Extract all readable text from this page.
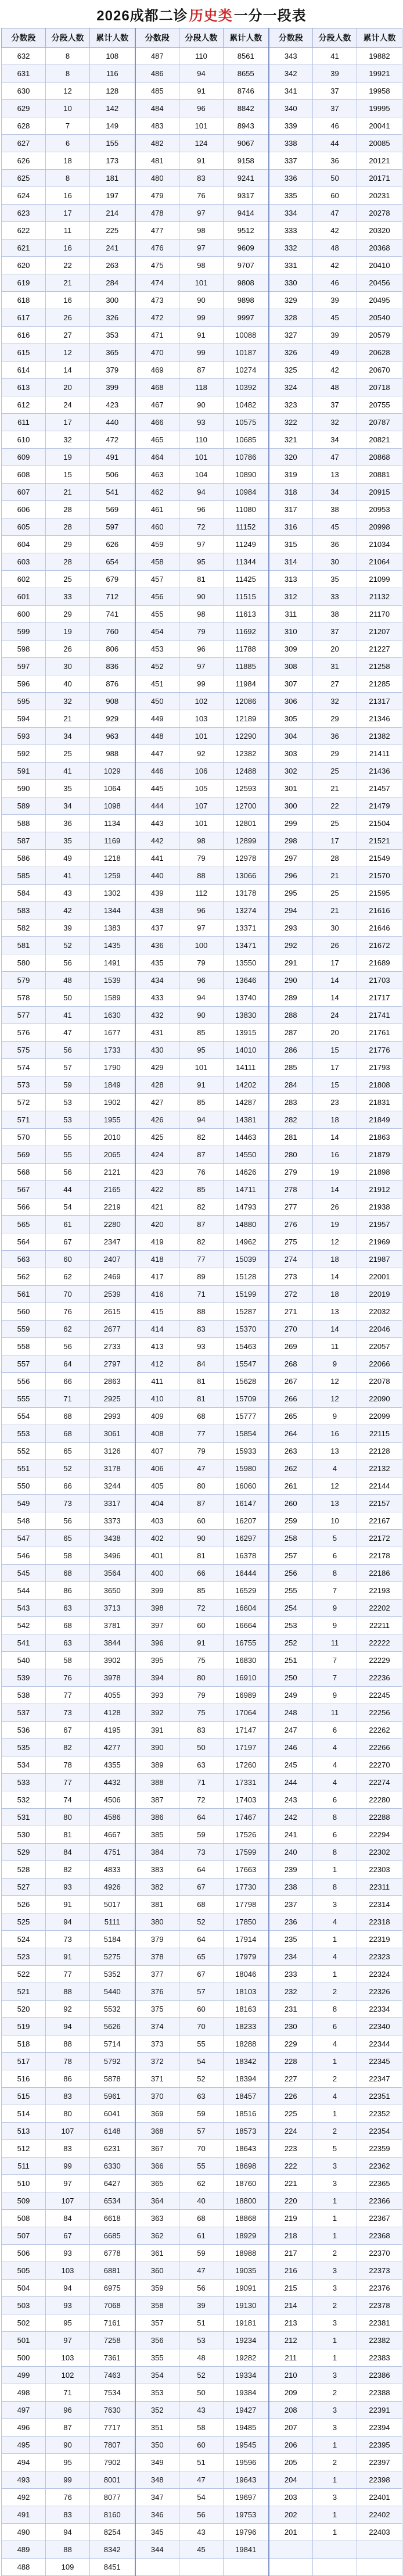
2026成都二诊 历史类 一分一段表
分数段	分段人数	累计人数	分数段	分段人数	累计人数	分数段	分段人数	累计人数
632	8	108	487	110	8561	343	41	19882
631	8	116	486	94	8655	342	39	19921
630	12	128	485	91	8746	341	37	19958
629	10	142	484	96	8842	340	37	19995
628	7	149	483	101	8943	339	46	20041
627	6	155	482	124	9067	338	44	20085
626	18	173	481	91	9158	337	36	20121
625	8	181	480	83	9241	336	50	20171
624	16	197	479	76	9317	335	60	20231
623	17	214	478	97	9414	334	47	20278
622	11	225	477	98	9512	333	42	20320
621	16	241	476	97	9609	332	48	20368
620	22	263	475	98	9707	331	42	20410
619	21	284	474	101	9808	330	46	20456
618	16	300	473	90	9898	329	39	20495
617	26	326	472	99	9997	328	45	20540
616	27	353	471	91	10088	327	39	20579
615	12	365	470	99	10187	326	49	20628
614	14	379	469	87	10274	325	42	20670
613	20	399	468	118	10392	324	48	20718
612	24	423	467	90	10482	323	37	20755
611	17	440	466	93	10575	322	32	20787
610	32	472	465	110	10685	321	34	20821
609	19	491	464	101	10786	320	47	20868
608	15	506	463	104	10890	319	13	20881
607	21	541	462	94	10984	318	34	20915
606	28	569	461	96	11080	317	38	20953
605	28	597	460	72	11152	316	45	20998
604	29	626	459	97	11249	315	36	21034
603	28	654	458	95	11344	314	30	21064
602	25	679	457	81	11425	313	35	21099
601	33	712	456	90	11515	312	33	21132
600	29	741	455	98	11613	311	38	21170
599	19	760	454	79	11692	310	37	21207
598	26	806	453	96	11788	309	20	21227
597	30	836	452	97	11885	308	31	21258
596	40	876	451	99	11984	307	27	21285
595	32	908	450	102	12086	306	32	21317
594	21	929	449	103	12189	305	29	21346
593	34	963	448	101	12290	304	36	21382
592	25	988	447	92	12382	303	29	21411
591	41	1029	446	106	12488	302	25	21436
590	35	1064	445	105	12593	301	21	21457
589	34	1098	444	107	12700	300	22	21479
588	36	1134	443	101	12801	299	25	21504
587	35	1169	442	98	12899	298	17	21521
586	49	1218	441	79	12978	297	28	21549
585	41	1259	440	88	13066	296	21	21570
584	43	1302	439	112	13178	295	25	21595
583	42	1344	438	96	13274	294	21	21616
582	39	1383	437	97	13371	293	30	21646
581	52	1435	436	100	13471	292	26	21672
580	56	1491	435	79	13550	291	17	21689
579	48	1539	434	96	13646	290	14	21703
578	50	1589	433	94	13740	289	14	21717
577	41	1630	432	90	13830	288	24	21741
576	47	1677	431	85	13915	287	20	21761
575	56	1733	430	95	14010	286	15	21776
574	57	1790	429	101	14111	285	17	21793
573	59	1849	428	91	14202	284	15	21808
572	53	1902	427	85	14287	283	23	21831
571	53	1955	426	94	14381	282	18	21849
570	55	2010	425	82	14463	281	14	21863
569	55	2065	424	87	14550	280	16	21879
568	56	2121	423	76	14626	279	19	21898
567	44	2165	422	85	14711	278	14	21912
566	54	2219	421	82	14793	277	26	21938
565	61	2280	420	87	14880	276	19	21957
564	67	2347	419	82	14962	275	12	21969
563	60	2407	418	77	15039	274	18	21987
562	62	2469	417	89	15128	273	14	22001
561	70	2539	416	71	15199	272	18	22019
560	76	2615	415	88	15287	271	13	22032
559	62	2677	414	83	15370	270	14	22046
558	56	2733	413	93	15463	269	11	22057
557	64	2797	412	84	15547	268	9	22066
556	66	2863	411	81	15628	267	12	22078
555	71	2925	410	81	15709	266	12	22090
554	68	2993	409	68	15777	265	9	22099
553	68	3061	408	77	15854	264	16	22115
552	65	3126	407	79	15933	263	13	22128
551	52	3178	406	47	15980	262	4	22132
550	66	3244	405	80	16060	261	12	22144
549	73	3317	404	87	16147	260	13	22157
548	56	3373	403	60	16207	259	10	22167
547	65	3438	402	90	16297	258	5	22172
546	58	3496	401	81	16378	257	6	22178
545	68	3564	400	66	16444	256	8	22186
544	86	3650	399	85	16529	255	7	22193
543	63	3713	398	72	16604	254	9	22202
542	68	3781	397	60	16664	253	9	22211
541	63	3844	396	91	16755	252	11	22222
540	58	3902	395	75	16830	251	7	22229
539	76	3978	394	80	16910	250	7	22236
538	77	4055	393	79	16989	249	9	22245
537	73	4128	392	75	17064	248	11	22256
536	67	4195	391	83	17147	247	6	22262
535	82	4277	390	50	17197	246	4	22266
534	78	4355	389	63	17260	245	4	22270
533	77	4432	388	71	17331	244	4	22274
532	74	4506	387	72	17403	243	6	22280
531	80	4586	386	64	17467	242	8	22288
530	81	4667	385	59	17526	241	6	22294
529	84	4751	384	73	17599	240	8	22302
528	82	4833	383	64	17663	239	1	22303
527	93	4926	382	67	17730	238	8	22311
526	91	5017	381	68	17798	237	3	22314
525	94	5111	380	52	17850	236	4	22318
524	73	5184	379	64	17914	235	1	22319
523	91	5275	378	65	17979	234	4	22323
522	77	5352	377	67	18046	233	1	22324
521	88	5440	376	57	18103	232	2	22326
520	92	5532	375	60	18163	231	8	22334
519	94	5626	374	70	18233	230	6	22340
518	88	5714	373	55	18288	229	4	22344
517	78	5792	372	54	18342	228	1	22345
516	86	5878	371	52	18394	227	2	22347
515	83	5961	370	63	18457	226	4	22351
514	80	6041	369	59	18516	225	1	22352
513	107	6148	368	57	18573	224	2	22354
512	83	6231	367	70	18643	223	5	22359
511	99	6330	366	55	18698	222	3	22362
510	97	6427	365	62	18760	221	3	22365
509	107	6534	364	40	18800	220	1	22366
508	84	6618	363	68	18868	219	1	22367
507	67	6685	362	61	18929	218	1	22368
506	93	6778	361	59	18988	217	2	22370
505	103	6881	360	47	19035	216	3	22373
504	94	6975	359	56	19091	215	3	22376
503	93	7068	358	39	19130	214	2	22378
502	95	7161	357	51	19181	213	3	22381
501	97	7258	356	53	19234	212	1	22382
500	103	7361	355	48	19282	211	1	22383
499	102	7463	354	52	19334	210	3	22386
498	71	7534	353	50	19384	209	2	22388
497	96	7630	352	43	19427	208	3	22391
496	87	7717	351	58	19485	207	3	22394
495	90	7807	350	60	19545	206	1	22395
494	95	7902	349	51	19596	205	2	22397
493	99	8001	348	47	19643	204	1	22398
492	76	8077	347	54	19697	203	3	22401
491	83	8160	346	56	19753	202	1	22402
490	94	8254	345	43	19796	201	1	22403
489	88	8342	344	45	19841			
488	109	8451						
